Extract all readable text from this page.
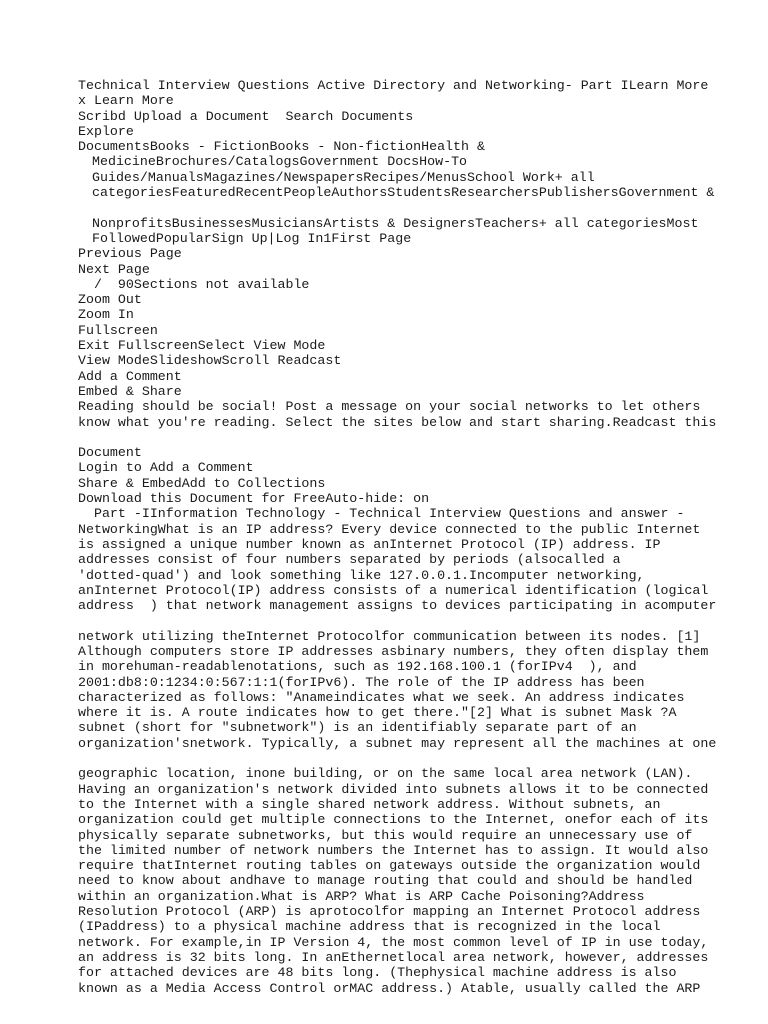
Technical Interview Questions Active Directory and Networking- Part ILearn More
x Learn More
Scribd Upload a Document Search Documents
Explore
DocumentsBooks - FictionBooks - Non-fictionHealth &
MedicineBrochures/CatalogsGovernment DocsHow-To
Guides/ManualsMagazines/NewspapersRecipes/MenusSchool Work+ all
categoriesFeaturedRecentPeopleAuthorsStudentsResearchersPublishersGovernment &
NonprofitsBusinessesMusiciansArtists & DesignersTeachers+ all categoriesMost
FollowedPopularSign Up|Log In1First Page
Previous Page
Next Page
/  90Sections not available
Zoom Out
Zoom In
Fullscreen
Exit FullscreenSelect View Mode
View ModeSlideshowScroll Readcast
Add a Comment
Embed & Share
Reading should be social! Post a message on your social networks to let others
know what you're reading. Select the sites below and start sharing.Readcast this
Document
Login to Add a Comment
Share & EmbedAdd to Collections
Download this Document for FreeAuto-hide: on
Part -IInformation Technology - Technical Interview Questions and answer -
NetworkingWhat is an IP address? Every device connected to the public Internet
is assigned a unique number known as anInternet Protocol (IP) address. IP
addresses consist of four numbers separated by periods (alsocalled a
'dotted-quad') and look something like 127.0.0.1.Incomputer networking,
anInternet Protocol(IP) address consists of a numerical identification (logical
address  ) that network management assigns to devices participating in acomputer
network utilizing theInternet Protocolfor communication between its nodes. [1]
Although computers store IP addresses asbinary numbers, they often display them
in morehuman-readablenotations, such as 192.168.100.1 (forIPv4  ), and
2001:db8:0:1234:0:567:1:1(forIPv6). The role of the IP address has been
characterized as follows: "Anameindicates what we seek. An address indicates
where it is. A route indicates how to get there."[2] What is subnet Mask ?A
subnet (short for "subnetwork") is an identifiably separate part of an
organization'snetwork. Typically, a subnet may represent all the machines at one
geographic location, inone building, or on the same local area network (LAN).
Having an organization's network divided into subnets allows it to be connected
to the Internet with a single shared network address. Without subnets, an
organization could get multiple connections to the Internet, onefor each of its
physically separate subnetworks, but this would require an unnecessary use of
the limited number of network numbers the Internet has to assign. It would also
require thatInternet routing tables on gateways outside the organization would
need to know about andhave to manage routing that could and should be handled
within an organization.What is ARP? What is ARP Cache Poisoning?Address
Resolution Protocol (ARP) is aprotocolfor mapping an Internet Protocol address
(IPaddress) to a physical machine address that is recognized in the local
network. For example,in IP Version 4, the most common level of IP in use today,
an address is 32 bits long. In anEthernetlocal area network, however, addresses
for attached devices are 48 bits long. (Thephysical machine address is also
known as a Media Access Control orMAC address.) Atable, usually called the ARP
